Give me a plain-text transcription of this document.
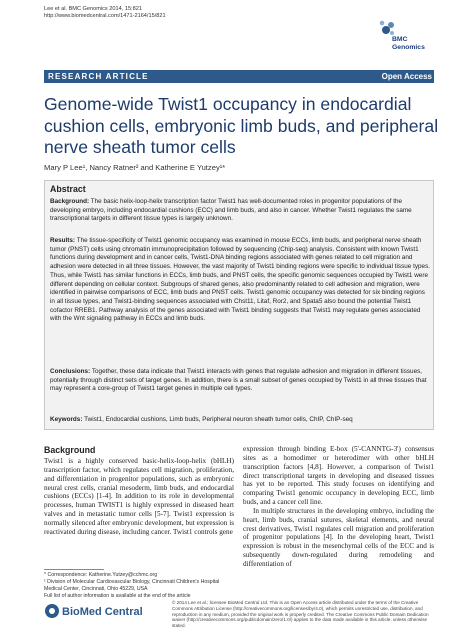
Lee et al. BMC Genomics 2014, 15:821
http://www.biomedcentral.com/1471-2164/15/821
BMC
Genomics
RESEARCH ARTICLE	Open Access
Genome-wide Twist1 occupancy in endocardial cushion cells, embryonic limb buds, and peripheral nerve sheath tumor cells
Mary P Lee¹, Nancy Ratner² and Katherine E Yutzey¹*
Abstract
Background: The basic helix-loop-helix transcription factor Twist1 has well-documented roles in progenitor populations of the developing embryo, including endocardial cushions (ECC) and limb buds, and also in cancer. Whether Twist1 regulates the same transcriptional targets in different tissue types is largely unknown.
Results: The tissue-specificity of Twist1 genomic occupancy was examined in mouse ECCs, limb buds, and peripheral nerve sheath tumor (PNST) cells using chromatin immunoprecipitation followed by sequencing (Chip-seq) analysis. Consistent with known Twist1 functions during development and in cancer cells, Twist1-DNA binding regions associated with genes related to cell migration and adhesion were detected in all three tissues. However, the vast majority of Twist1 binding regions were specific to individual tissue types. Thus, while Twist1 has similar functions in ECCs, limb buds, and PNST cells, the specific genomic sequences occupied by Twist1 were different depending on cellular context. Subgroups of shared genes, also predominantly related to cell adhesion and migration, were identified in pairwise comparisons of ECC, limb buds and PNST cells. Twist1 genomic occupancy was detected for six binding regions in all tissue types, and Twist1-binding sequences associated with Chst11, Litaf, Ror2, and Spata5 also bound the potential Twist1 cofactor RREB1. Pathway analysis of the genes associated with Twist1 binding suggests that Twist1 may regulate genes associated with the Wnt signaling pathway in ECCs and limb buds.
Conclusions: Together, these data indicate that Twist1 interacts with genes that regulate adhesion and migration in different tissues, potentially through distinct sets of target genes. In addition, there is a small subset of genes occupied by Twist1 in all three tissues that may represent a core-group of Twist1 target genes in multiple cell types.
Keywords: Twist1, Endocardial cushions, Limb buds, Peripheral neuron sheath tumor cells, ChIP, ChIP-seq
Background

Twist1 is a highly conserved basic-helix-loop-helix (bHLH) transcription factor, which regulates cell migration, proliferation, and differentiation in progenitor populations, such as embryonic neural crest cells, cranial mesoderm, limb buds, and endocardial cushions (ECCs) [1-4]. In addition to its role in developmental processes, human TWIST1 is highly expressed in diseased heart valves and in metastatic tumor cells [5-7]. Twist1 expression is normally silenced after embryonic development, but expression is reactivated during disease, including cancer. Twist1 controls gene

expression through binding E-box (5'-CANNTG-3') consensus sites as a homodimer or heterodimer with other bHLH transcription factors [4,8]. However, a comparison of Twist1 direct transcriptional targets in developing and diseased tissues has yet to be reported. This study focuses on identifying and comparing Twist1 genomic occupancy in developing ECC, limb buds, and a cancer cell line.

In multiple structures in the developing embryo, including the heart, limb buds, cranial sutures, skeletal elements, and neural crest derivatives, Twist1 regulates cell migration and proliferation of progenitor populations [4]. In the developing heart, Twist1 expression is robust in the mesenchymal cells of the ECC and is subsequently down-regulated during remodeling and differentiation of

* Correspondence: Katherine.Yutzey@cchmc.org
¹ Division of Molecular Cardiovascular Biology, Cincinnati Children's Hospital Medical Center, Cincinnati, Ohio 45229, USA
Full list of author information is available at the end of the article
BioMed Central
© 2014 Lee et al.; licensee BioMed Central Ltd. This is an Open Access article distributed under the terms of the Creative Commons Attribution License (http://creativecommons.org/licenses/by/4.0), which permits unrestricted use, distribution, and reproduction in any medium, provided the original work is properly credited. The Creative Commons Public Domain Dedication waiver (http://creativecommons.org/publicdomain/zero/1.0/) applies to the data made available in this article, unless otherwise stated.
